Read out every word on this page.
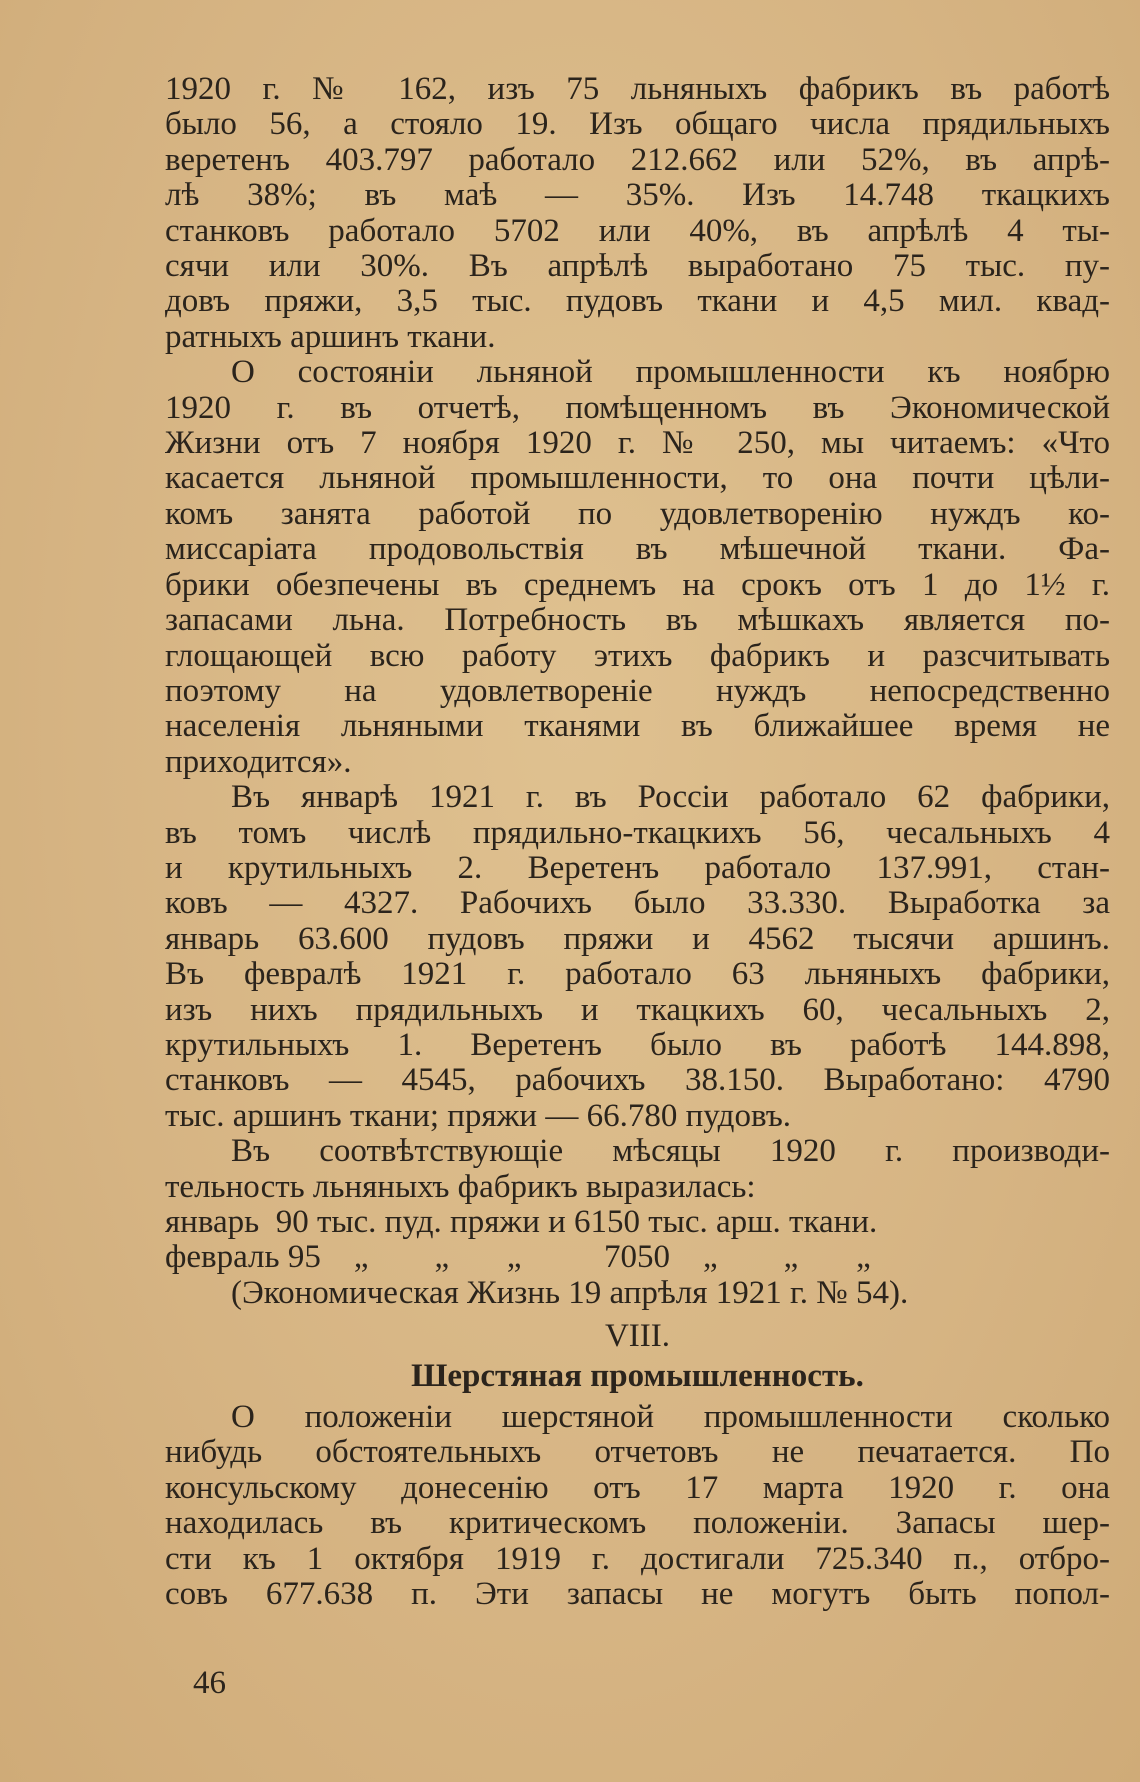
1920 г. № 162, изъ 75 льняныхъ фабрикъ въ работѣ

было 56, а стояло 19. Изъ общаго числа прядильныхъ

веретенъ 403.797 работало 212.662 или 52%, въ апрѣ-

лѣ 38%; въ маѣ — 35%. Изъ 14.748 ткацкихъ

станковъ работало 5702 или 40%, въ апрѣлѣ 4 ты-

сячи или 30%. Въ апрѣлѣ выработано 75 тыс. пу-

довъ пряжи, 3,5 тыс. пудовъ ткани и 4,5 мил. квад-

ратныхъ аршинъ ткани.

О состоянiи льняной промышленности къ ноябрю

1920 г. въ отчетѣ, помѣщенномъ въ Экономической

Жизни отъ 7 ноября 1920 г. № 250, мы читаемъ: «Что

касается льняной промышленности, то она почти цѣли-

комъ занята работой по удовлетворенiю нуждъ ко-

миссарiата продовольствiя въ мѣшечной ткани. Фа-

брики обезпечены въ среднемъ на срокъ отъ 1 до 1½ г.

запасами льна. Потребность въ мѣшкахъ является по-

глощающей всю работу этихъ фабрикъ и разсчитывать

поэтому на удовлетворенiе нуждъ непосредственно

населенiя льняными тканями въ ближайшее время не

приходится».

Въ январѣ 1921 г. въ Россiи работало 62 фабрики,

въ томъ числѣ прядильно-ткацкихъ 56, чесальныхъ 4

и крутильныхъ 2. Веретенъ работало 137.991, стан-

ковъ — 4327. Рабочихъ было 33.330. Выработка за

январь 63.600 пудовъ пряжи и 4562 тысячи аршинъ.

Въ февралѣ 1921 г. работало 63 льняныхъ фабрики,

изъ нихъ прядильныхъ и ткацкихъ 60, чесальныхъ 2,

крутильныхъ 1. Веретенъ было въ работѣ 144.898,

станковъ — 4545, рабочихъ 38.150. Выработано: 4790

тыс. аршинъ ткани; пряжи — 66.780 пудовъ.

Въ соотвѣтствующiе мѣсяцы 1920 г. производи-

тельность льняныхъ фабрикъ выразилась:

январь 90 тыс. пуд. пряжи и 6150 тыс. арш. ткани.
февраль 95    „        „       „          7050    „        „       „

(Экономическая Жизнь 19 апрѣля 1921 г. № 54).

VIII.
Шерстяная промышленность.

О положенiи шерстяной промышленности сколько

нибудь обстоятельныхъ отчетовъ не печатается. По

консульскому донесенiю отъ 17 марта 1920 г. она

находилась въ критическомъ положенiи. Запасы шер-

сти къ 1 октября 1919 г. достигали 725.340 п., отбро-

совъ 677.638 п. Эти запасы не могутъ быть попол-

46
